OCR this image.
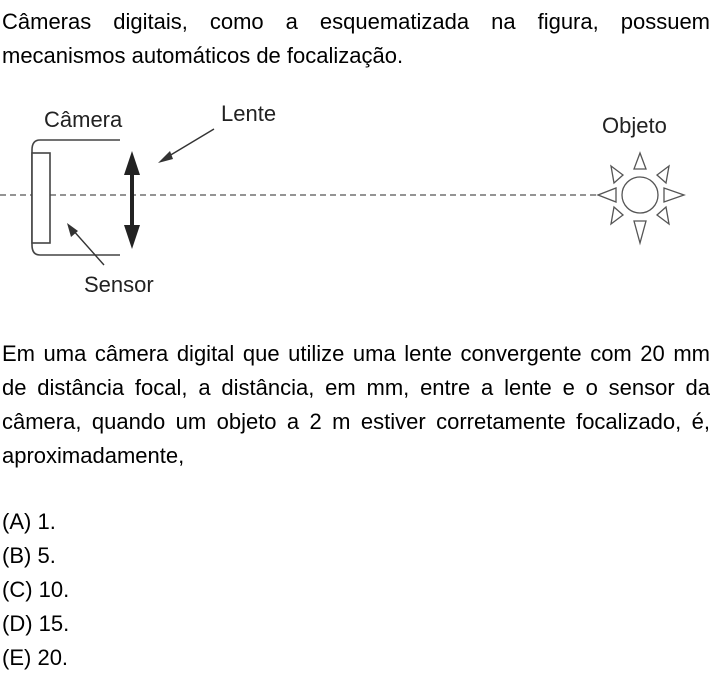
Câmeras digitais, como a esquematizada na figura, possuem mecanismos automáticos de focalização.

Câmera	Lente	Objeto
Sensor

Em uma câmera digital que utilize uma lente convergente com 20 mm de distância focal, a distância, em mm, entre a lente e o sensor da câmera, quando um objeto a 2 m estiver corretamente focalizado, é, aproximadamente,

(A) 1.
(B) 5.
(C) 10.
(D) 15.
(E) 20.
